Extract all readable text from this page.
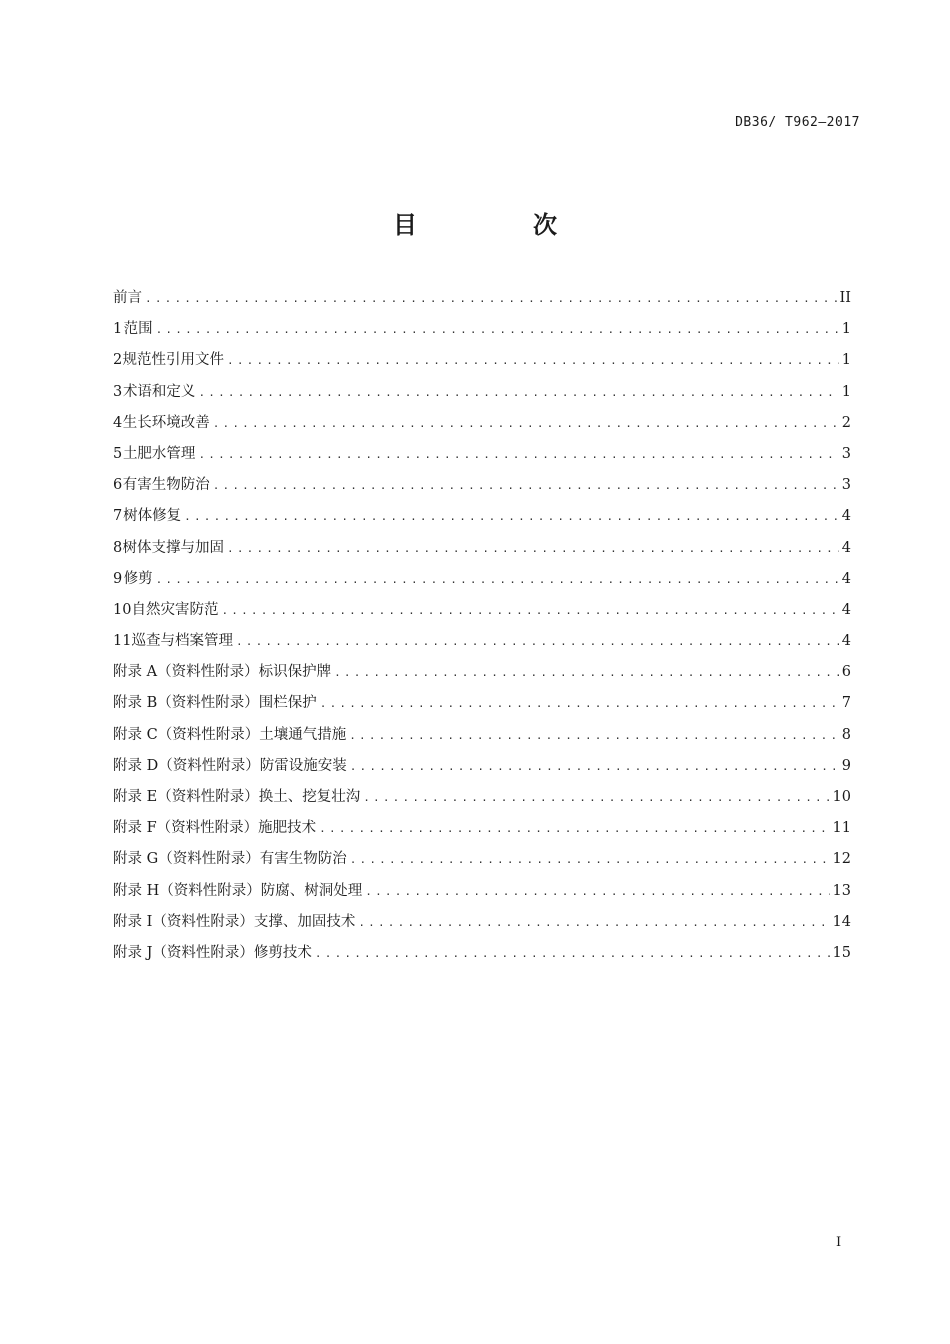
DB36/ T962—2017
目　次
前言 .....	II
1 范围 .....	1
2 规范性引用文件 .....	1
3 术语和定义 .....	1
4 生长环境改善 .....	2
5 土肥水管理 .....	3
6 有害生物防治 .....	3
7 树体修复 .....	4
8 树体支撑与加固 .....	4
9 修剪 .....	4
10 自然灾害防范 .....	4
11 巡查与档案管理 .....	4
附录 A（资料性附录） 标识保护牌 .....	6
附录 B（资料性附录） 围栏保护 .....	7
附录 C（资料性附录） 土壤通气措施 .....	8
附录 D（资料性附录） 防雷设施安装 .....	9
附录 E（资料性附录） 换土、挖复壮沟 .....	10
附录 F（资料性附录） 施肥技术 .....	11
附录 G（资料性附录） 有害生物防治 .....	12
附录 H（资料性附录） 防腐、树洞处理 .....	13
附录 I（资料性附录） 支撑、加固技术 .....	14
附录 J（资料性附录） 修剪技术 .....	15
I
